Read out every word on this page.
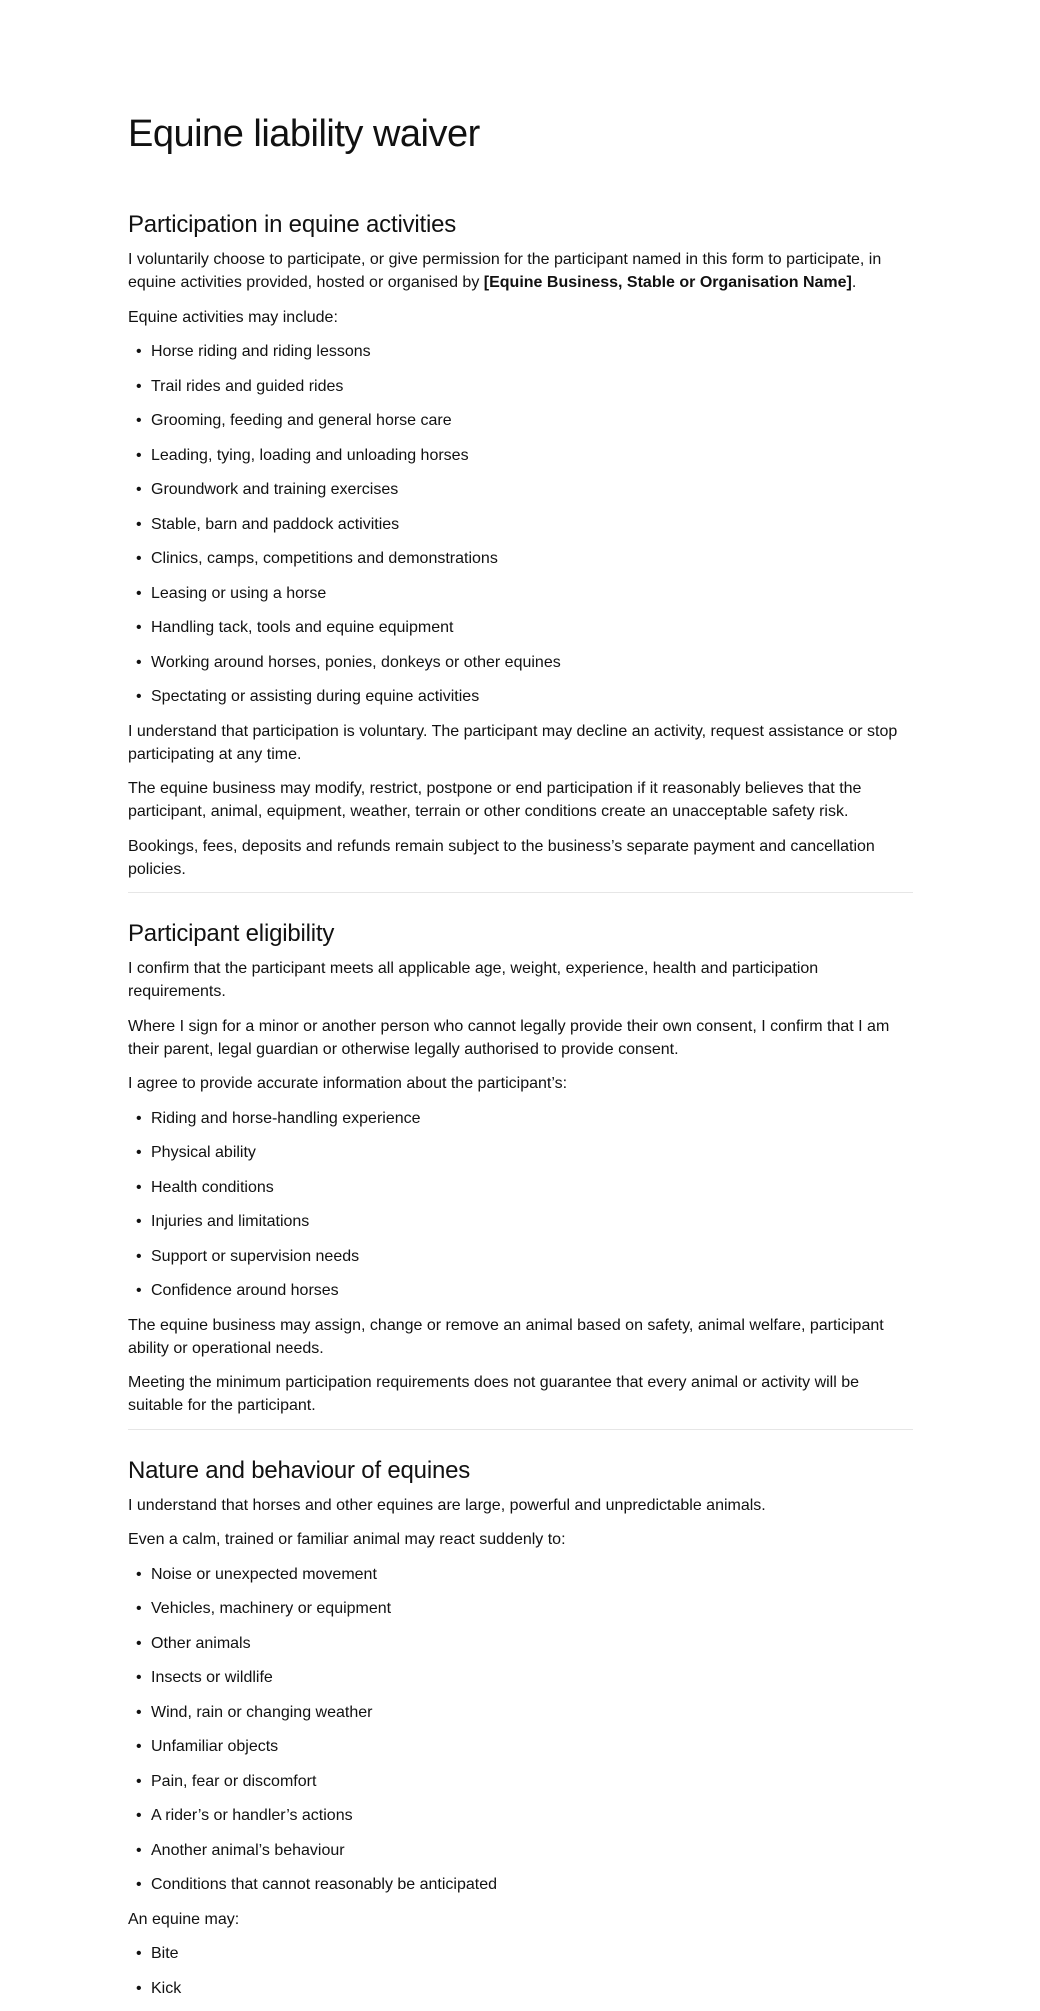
Equine liability waiver
Participation in equine activities

I voluntarily choose to participate, or give permission for the participant named in this form to participate, in equine activities provided, hosted or organised by [Equine Business, Stable or Organisation Name].

Equine activities may include:

• Horse riding and riding lessons
• Trail rides and guided rides
• Grooming, feeding and general horse care
• Leading, tying, loading and unloading horses
• Groundwork and training exercises
• Stable, barn and paddock activities
• Clinics, camps, competitions and demonstrations
• Leasing or using a horse
• Handling tack, tools and equine equipment
• Working around horses, ponies, donkeys or other equines
• Spectating or assisting during equine activities

I understand that participation is voluntary. The participant may decline an activity, request assistance or stop participating at any time.

The equine business may modify, restrict, postpone or end participation if it reasonably believes that the participant, animal, equipment, weather, terrain or other conditions create an unacceptable safety risk.

Bookings, fees, deposits and refunds remain subject to the business’s separate payment and cancellation policies.

Participant eligibility

I confirm that the participant meets all applicable age, weight, experience, health and participation requirements.

Where I sign for a minor or another person who cannot legally provide their own consent, I confirm that I am their parent, legal guardian or otherwise legally authorised to provide consent.

I agree to provide accurate information about the participant’s:

• Riding and horse-handling experience
• Physical ability
• Health conditions
• Injuries and limitations
• Support or supervision needs
• Confidence around horses

The equine business may assign, change or remove an animal based on safety, animal welfare, participant ability or operational needs.

Meeting the minimum participation requirements does not guarantee that every animal or activity will be suitable for the participant.

Nature and behaviour of equines

I understand that horses and other equines are large, powerful and unpredictable animals.

Even a calm, trained or familiar animal may react suddenly to:

• Noise or unexpected movement
• Vehicles, machinery or equipment
• Other animals
• Insects or wildlife
• Wind, rain or changing weather
• Unfamiliar objects
• Pain, fear or discomfort
• A rider’s or handler’s actions
• Another animal’s behaviour
• Conditions that cannot reasonably be anticipated

An equine may:

• Bite
• Kick
